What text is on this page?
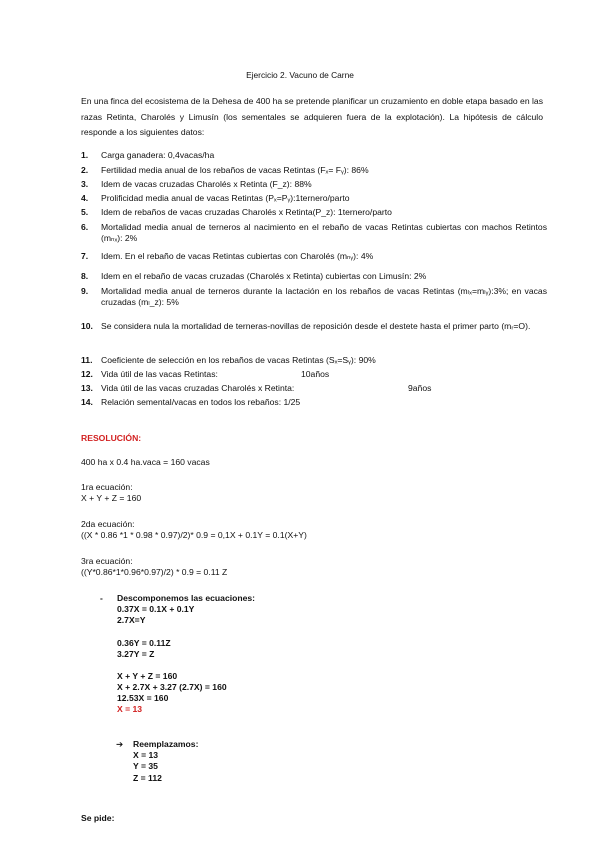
Ejercicio 2. Vacuno de Carne
En una finca del ecosistema de la Dehesa de 400 ha se pretende planificar un cruzamiento en doble etapa basado en las razas Retinta, Charolés y Limusín (los sementales se adquieren fuera de la explotación). La hipótesis de cálculo responde a los siguientes datos:
1.	Carga ganadera: 0,4vacas/ha
2.	Fertilidad media anual de los rebaños de vacas Retintas (Fₓ= Fᵧ): 86%
3.	Idem de vacas cruzadas Charolés x Retinta (F_z): 88%
4.	Prolificidad media anual de vacas Retintas (Pₓ=Pᵧ):1ternero/parto
5.	Idem de rebaños de vacas cruzadas Charolés x Retinta(P_z): 1ternero/parto
6.	Mortalidad media anual de terneros al nacimiento en el rebaño de vacas Retintas cubiertas con machos Retintos (mₙₓ): 2%
7.	Idem. En el rebaño de vacas Retintas cubiertas con Charolés (mₙᵧ): 4%
8.	Idem en el rebaño de vacas cruzadas (Charolés x Retinta) cubiertas con Limusín: 2%
9.	Mortalidad media anual de terneros durante la lactación en los rebaños de vacas Retintas (mₗₓ=mₗᵧ):3%; en vacas cruzadas (mₗ_z): 5%
10. Se considera nula la mortalidad de terneras-novillas de reposición desde el destete hasta el primer parto (mᵣ=O).
11. Coeficiente de selección en los rebaños de vacas Retintas (Sₓ=Sᵧ): 90%
12. Vida útil de las vacas Retintas:	10años
13. Vida útil de las vacas cruzadas Charolés x Retinta:	9años
14. Relación semental/vacas en todos los rebaños: 1/25
RESOLUCIÓN:
400 ha x 0.4 ha.vaca = 160 vacas
1ra ecuación:
X + Y + Z = 160
2da ecuación:
((X * 0.86 *1 * 0.98 * 0.97)/2)* 0.9 = 0,1X + 0.1Y = 0.1(X+Y)
3ra ecuación:
((Y*0.86*1*0.96*0.97)/2) * 0.9 = 0.11 Z
- Descomponemos las ecuaciones:
0.37X = 0.1X + 0.1Y
2.7X=Y
0.36Y = 0.11Z
3.27Y = Z
X + Y + Z = 160
X + 2.7X + 3.27 (2.7X) = 160
12.53X = 160
X = 13
➔ Reemplazamos:
X = 13
Y = 35
Z = 112
Se pide:
